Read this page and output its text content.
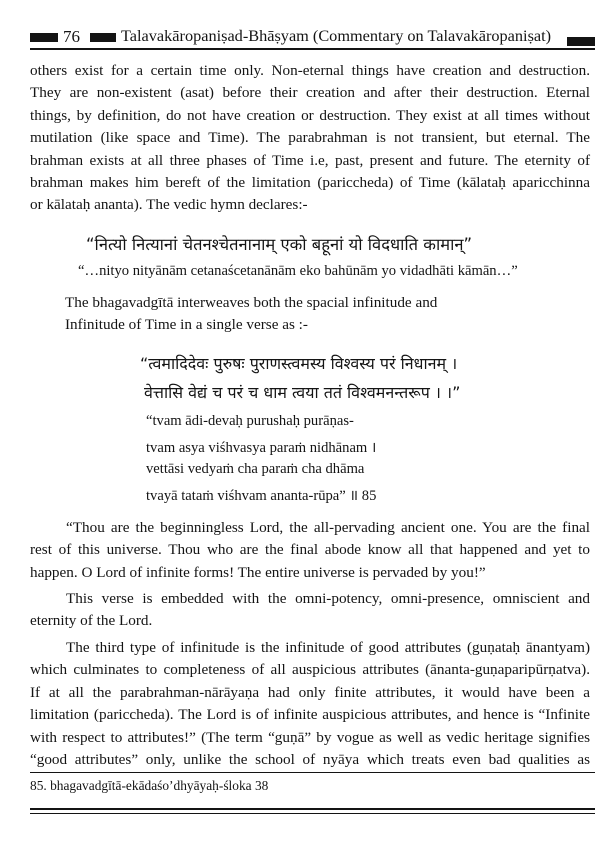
76	Talavakāropaniṣad-Bhāṣyam (Commentary on Talavakāropaniṣat)
others exist for a certain time only. Non-eternal things have creation and destruction.
They are non-existent (asat) before their creation and after their destruction. Eternal
things, by definition, do not have creation or destruction. They exist at all times without
mutilation (like space and Time). The parabrahman is not transient, but eternal. The
brahman exists at all three phases of Time i.e, past, present and future. The eternity of
brahman makes him bereft of the limitation (pariccheda) of Time (kālataḥ aparicchinna
or kālataḥ ananta). The vedic hymn declares:-
“नित्यो नित्यानां चेतनश्चेतनानाम् एको बहूनां यो विदधाति कामान्”
“…nityo nityānām cetanaścetanānām eko bahūnām yo vidadhāti kāmān…”
The bhagavadgītā interweaves both the spacial infinitude and
Infinitude of Time in a single verse as :-
“त्वमादिदेवः पुरुषः पुराणस्त्वमस्य विश्वस्य परं निधानम् ।
वेत्तासि वेद्यं च परं च धाम त्वया ततं विश्वमनन्तरूप । ।”
“tvam ādi-devaḥ purushaḥ purāṇas-
tvam asya viśhvasya paraṁ nidhānam ।
vettāsi vedyaṁ cha paraṁ cha dhāma
tvayā tataṁ viśhvam ananta-rūpa” ॥ 85
“Thou are the beginningless Lord, the all-pervading ancient one. You are the final
rest of this universe. Thou who are the final abode know all that happened and yet to
happen. O Lord of infinite forms! The entire universe is pervaded by you!”
This verse is embedded with the omni-potency, omni-presence, omniscient and
eternity of the Lord.
The third type of infinitude is the infinitude of good attributes (guṇataḥ ānantyam)
which culminates to completeness of all auspicious attributes (ānanta-guṇaparipūrṇatva).
If at all the parabrahman-nārāyaṇa had only finite attributes, it would have been a
limitation (paricchedа). The Lord is of infinite auspicious attributes, and hence is “Infinite
with respect to attributes!” (The term “guṇā” by vogue as well as vedic heritage signifies
“good attributes” only, unlike the school of nyāya which treats even bad qualities as
85. bhagavadgītā-ekādaśo’dhyāyaḥ-śloka 38
